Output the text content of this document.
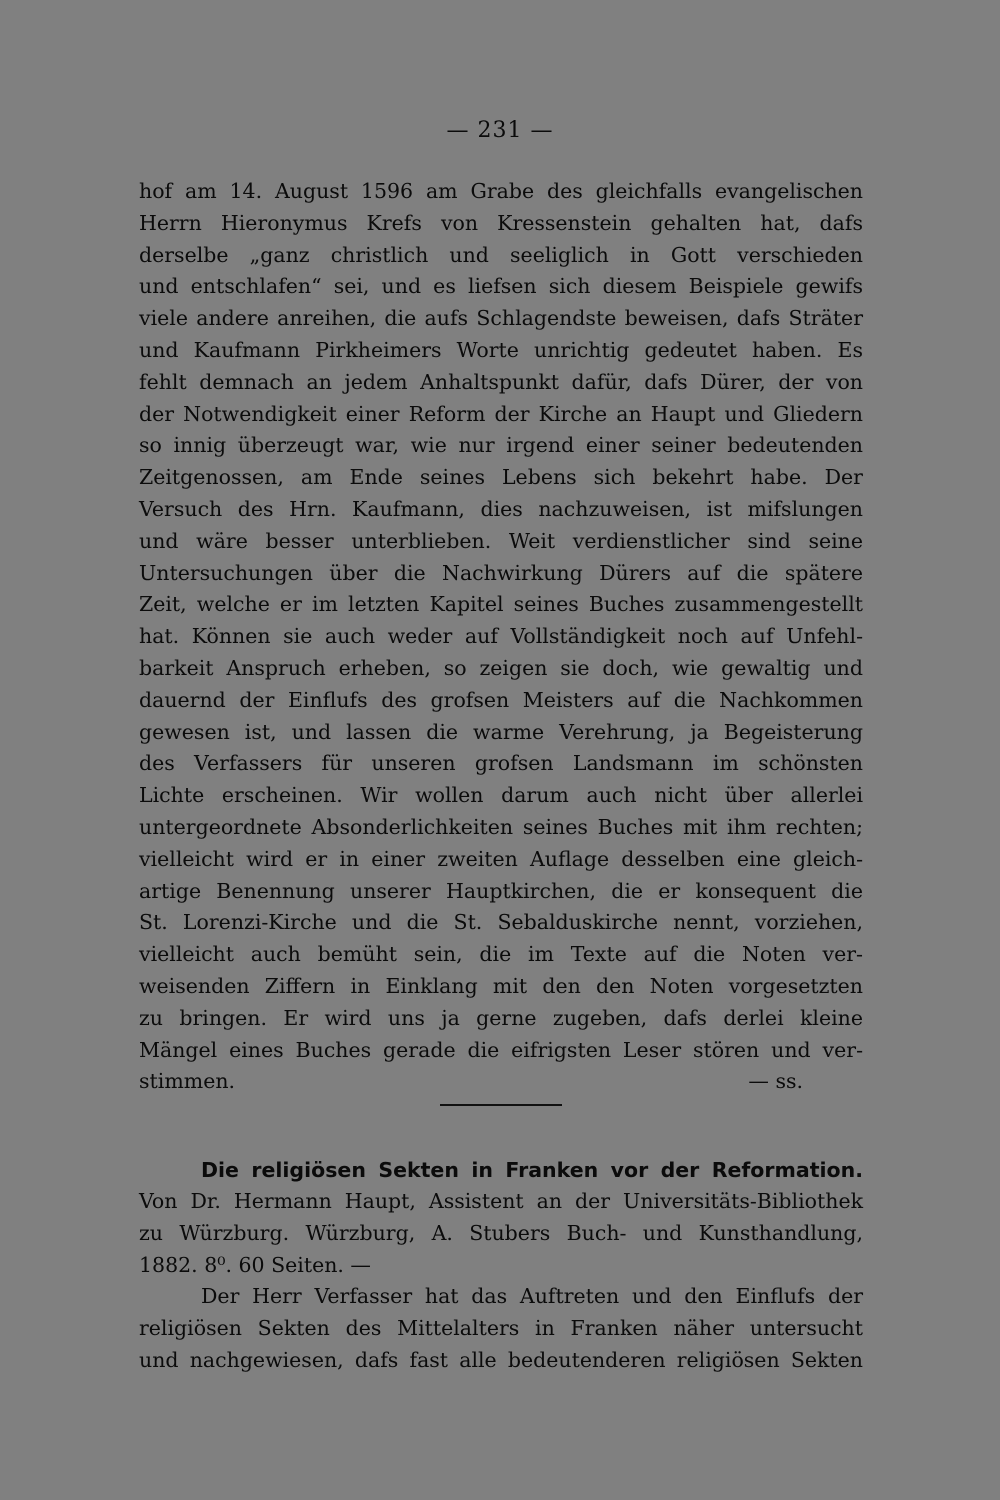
— 231 —
hof am 14. August 1596 am Grabe des gleichfalls evangelischen
Herrn Hieronymus Krefs von Kressenstein gehalten hat, dafs
derselbe „ganz christlich und seeliglich in Gott verschieden
und entschlafen“ sei, und es liefsen sich diesem Beispiele gewifs
viele andere anreihen, die aufs Schlagendste beweisen, dafs Sträter
und Kaufmann Pirkheimers Worte unrichtig gedeutet haben. Es
fehlt demnach an jedem Anhaltspunkt dafür, dafs Dürer, der von
der Notwendigkeit einer Reform der Kirche an Haupt und Gliedern
so innig überzeugt war, wie nur irgend einer seiner bedeutenden
Zeitgenossen, am Ende seines Lebens sich bekehrt habe. Der
Versuch des Hrn. Kaufmann, dies nachzuweisen, ist mifslungen
und wäre besser unterblieben. Weit verdienstlicher sind seine
Untersuchungen über die Nachwirkung Dürers auf die spätere
Zeit, welche er im letzten Kapitel seines Buches zusammengestellt
hat. Können sie auch weder auf Vollständigkeit noch auf Unfehl-
barkeit Anspruch erheben, so zeigen sie doch, wie gewaltig und
dauernd der Einflufs des grofsen Meisters auf die Nachkommen
gewesen ist, und lassen die warme Verehrung, ja Begeisterung
des Verfassers für unseren grofsen Landsmann im schönsten
Lichte erscheinen. Wir wollen darum auch nicht über allerlei
untergeordnete Absonderlichkeiten seines Buches mit ihm rechten;
vielleicht wird er in einer zweiten Auflage desselben eine gleich-
artige Benennung unserer Hauptkirchen, die er konsequent die
St. Lorenzi-Kirche und die St. Sebalduskirche nennt, vorziehen,
vielleicht auch bemüht sein, die im Texte auf die Noten ver-
weisenden Ziffern in Einklang mit den den Noten vorgesetzten
zu bringen. Er wird uns ja gerne zugeben, dafs derlei kleine
Mängel eines Buches gerade die eifrigsten Leser stören und ver-
stimmen.	— ss.
Die religiösen Sekten in Franken vor der Reformation.
Von Dr. Hermann Haupt, Assistent an der Universitäts-Bibliothek
zu Würzburg. Würzburg, A. Stubers Buch- und Kunsthandlung,
1882. 8⁰. 60 Seiten. —
Der Herr Verfasser hat das Auftreten und den Einflufs der
religiösen Sekten des Mittelalters in Franken näher untersucht
und nachgewiesen, dafs fast alle bedeutenderen religiösen Sekten
